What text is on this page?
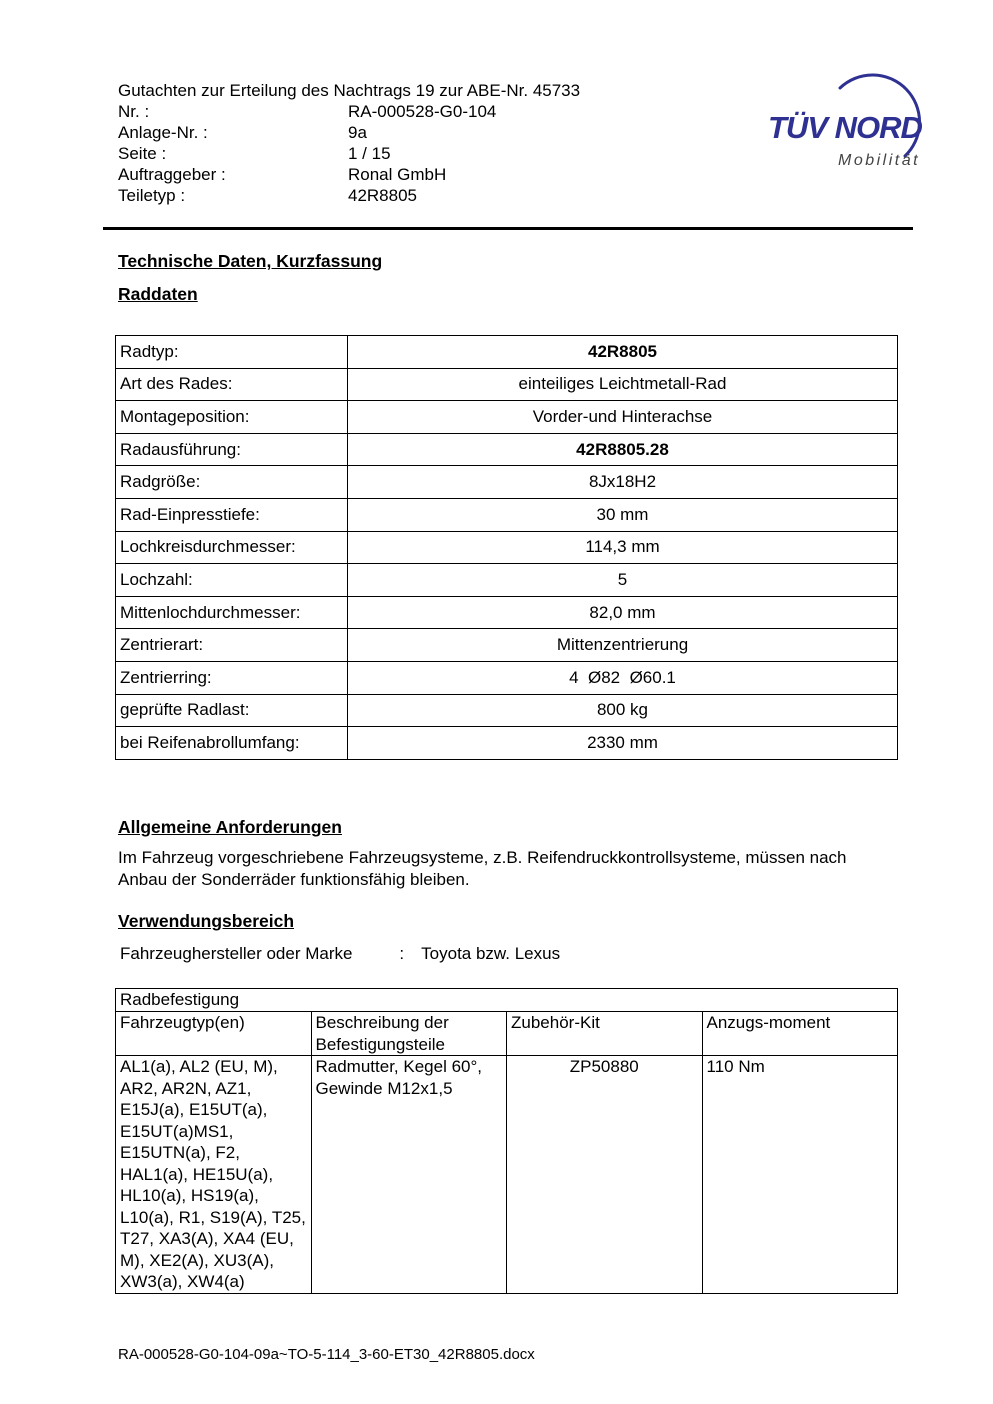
Gutachten zur Erteilung des Nachtrags 19 zur ABE-Nr. 45733
Nr. :	RA-000528-G0-104
Anlage-Nr. :	9a
Seite :	1 / 15
Auftraggeber :	Ronal GmbH
Teiletyp :	42R8805
TÜV NORD
Mobilität
Technische Daten, Kurzfassung
Raddaten
Radtyp:	42R8805
Art des Rades:	einteiliges Leichtmetall-Rad
Montageposition:	Vorder-und Hinterachse
Radausführung:	42R8805.28
Radgröße:	8Jx18H2
Rad-Einpresstiefe:	30 mm
Lochkreisdurchmesser:	114,3 mm
Lochzahl:	5
Mittenlochdurchmesser:	82,0 mm
Zentrierart:	Mittenzentrierung
Zentrierring:	4  Ø82  Ø60.1
geprüfte Radlast:	800 kg
bei Reifenabrollumfang:	2330 mm
Allgemeine Anforderungen
Im Fahrzeug vorgeschriebene Fahrzeugsysteme, z.B. Reifendruckkontrollsysteme, müssen nach Anbau der Sonderräder funktionsfähig bleiben.
Verwendungsbereich
Fahrzeughersteller oder Marke	: Toyota bzw. Lexus
Radbefestigung			
Fahrzeugtyp(en)	Beschreibung der Befestigungsteile	Zubehör-Kit	Anzugs-moment
AL1(a), AL2 (EU, M), AR2, AR2N, AZ1, E15J(a), E15UT(a), E15UT(a)MS1, E15UTN(a), F2, HAL1(a), HE15U(a), HL10(a), HS19(a), L10(a), R1, S19(A), T25, T27, XA3(A), XA4 (EU, M), XE2(A), XU3(A), XW3(a), XW4(a)	Radmutter, Kegel 60°, Gewinde M12x1,5	ZP50880	110 Nm
RA-000528-G0-104-09a~TO-5-114_3-60-ET30_42R8805.docx
